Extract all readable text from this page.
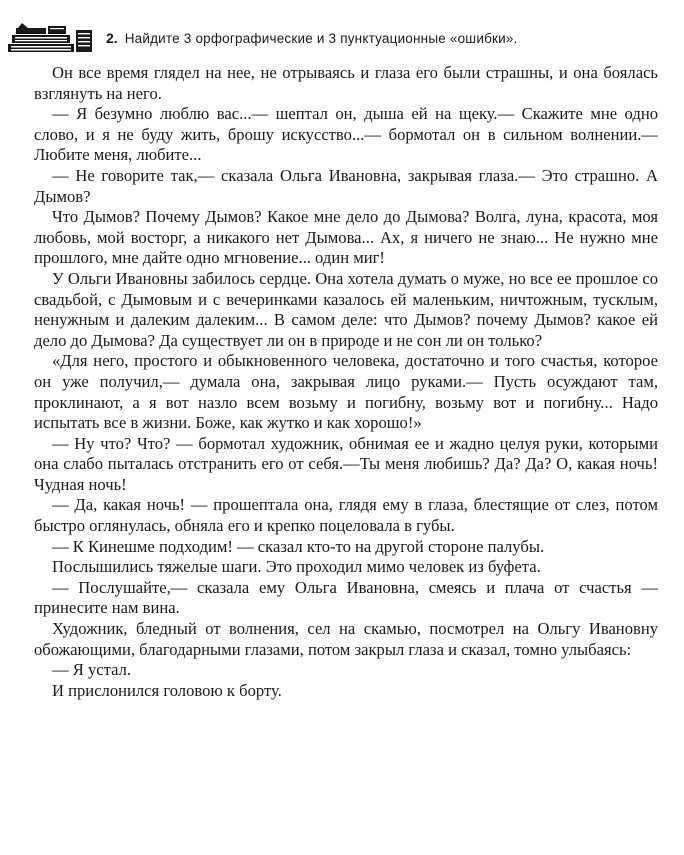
2. Найдите 3 орфографические и 3 пунктуационные «ошибки».

Он все время глядел на нее, не отрываясь и глаза его были страшны, и она боялась взглянуть на него.

— Я безумно люблю вас...— шептал он, дыша ей на щеку.— Скажите мне одно слово, и я не буду жить, брошу искусство...— бормотал он в сильном волнении.— Любите меня, любите...

— Не говорите так,— сказала Ольга Ивановна, закрывая глаза.— Это страшно. А Дымов?

Что Дымов? Почему Дымов? Какое мне дело до Дымова? Волга, луна, красота, моя любовь, мой восторг, а никакого нет Дымова... Ах, я ничего не знаю... Не нужно мне прошлого, мне дайте одно мгновение... один миг!

У Ольги Ивановны забилось сердце. Она хотела думать о муже, но все ее прошлое со свадьбой, с Дымовым и с вечеринками казалось ей маленьким, ничтожным, тусклым, ненужным и далеким далеким... В самом деле: что Дымов? почему Дымов? какое ей дело до Дымова? Да существует ли он в природе и не сон ли он только?

«Для него, простого и обыкновенного человека, достаточно и того счастья, которое он уже получил,— думала она, закрывая лицо руками.— Пусть осуждают там, проклинают, а я вот назло всем возьму и погибну, возьму вот и погибну... Надо испытать все в жизни. Боже, как жутко и как хорошо!»

— Ну что? Что? — бормотал художник, обнимая ее и жадно целуя руки, которыми она слабо пыталась отстранить его от себя.—Ты меня любишь? Да? Да? О, какая ночь! Чудная ночь!

— Да, какая ночь! — прошептала она, глядя ему в глаза, блестящие от слез, потом быстро оглянулась, обняла его и крепко поцеловала в губы.

— К Кинешме подходим! — сказал кто-то на другой стороне палубы.

Послышились тяжелые шаги. Это проходил мимо человек из буфета.

— Послушайте,— сказала ему Ольга Ивановна, смеясь и плача от счастья — принесите нам вина.

Художник, бледный от волнения, сел на скамью, посмотрел на Ольгу Ивановну обожающими, благодарными глазами, потом закрыл глаза и сказал, томно улыбаясь:

— Я устал.

И прислонился головою к борту.
